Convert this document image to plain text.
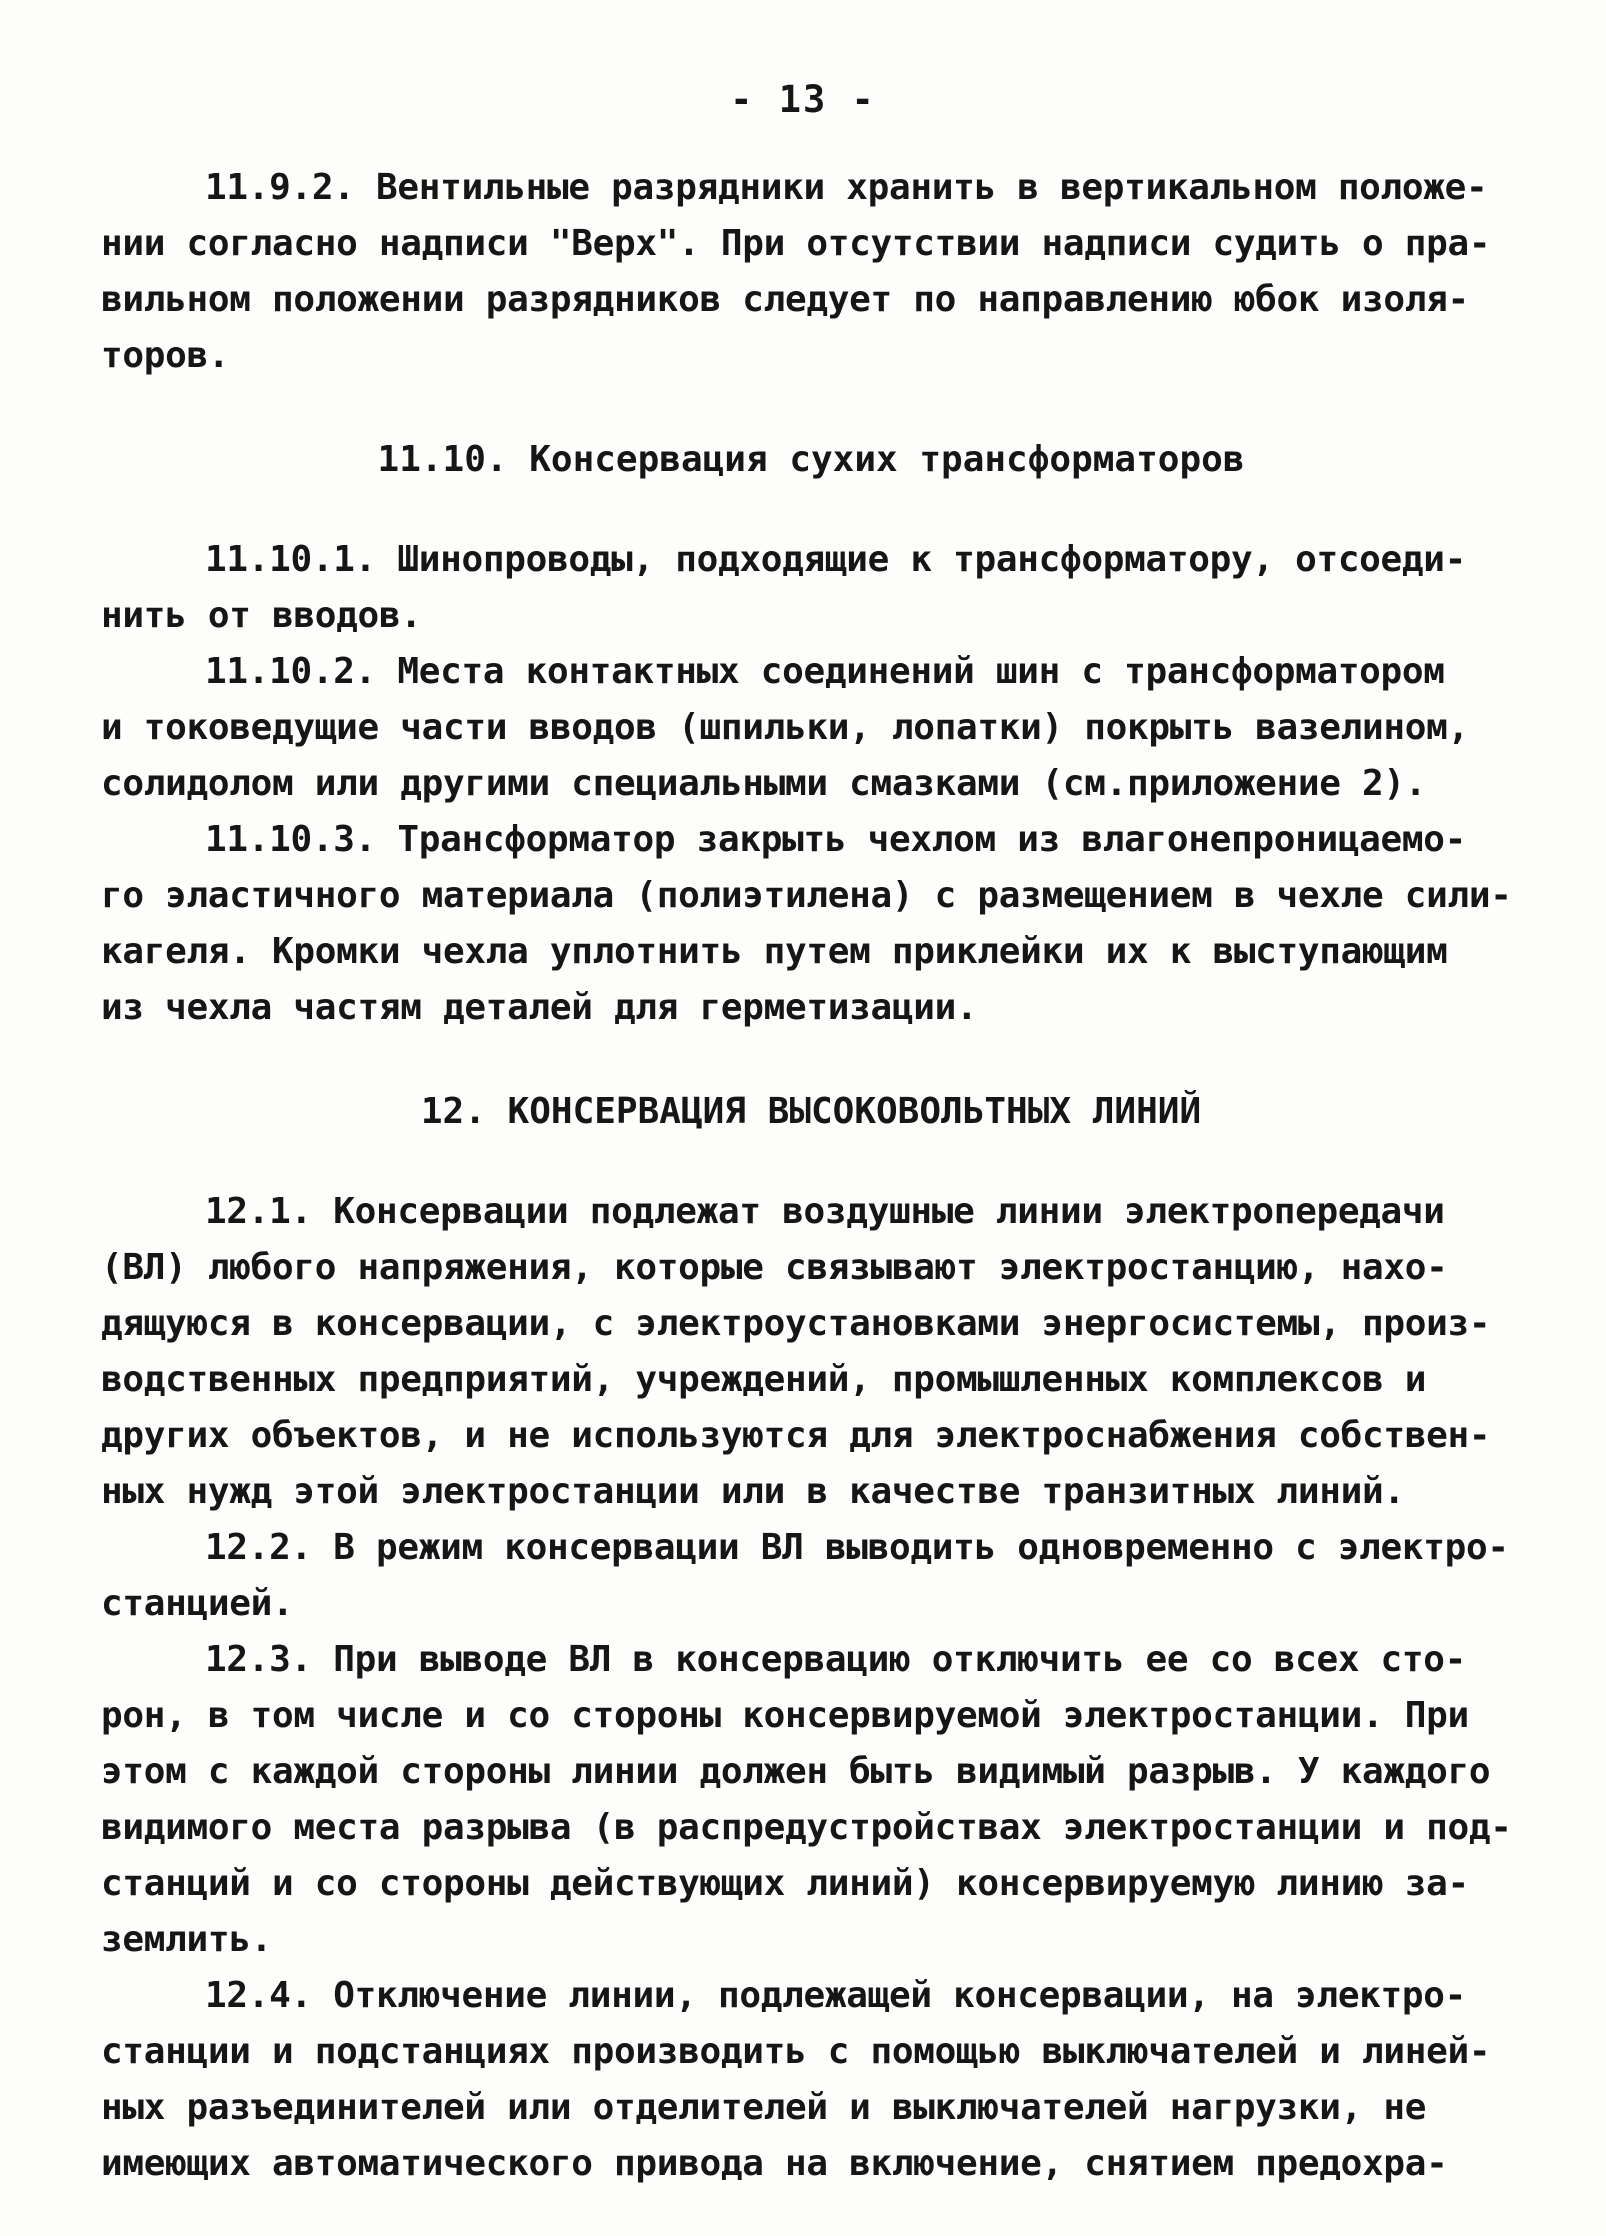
- 13 -
11.9.2. Вентильные разрядники хранить в вертикальном положе-
нии согласно надписи "Верх". При отсутствии надписи судить о пра-
вильном положении разрядников следует по направлению юбок изоля-
торов.
11.10. Консервация сухих трансформаторов
11.10.1. Шинопроводы, подходящие к трансформатору, отсоеди-
нить от вводов.
11.10.2. Места контактных соединений шин с трансформатором
и токоведущие части вводов (шпильки, лопатки) покрыть вазелином,
солидолом или другими специальными смазками (см.приложение 2).
11.10.3. Трансформатор закрыть чехлом из влагонепроницаемо-
го эластичного материала (полиэтилена) с размещением в чехле сили-
кагеля. Кромки чехла уплотнить путем приклейки их к выступающим
из чехла частям деталей для герметизации.
12. КОНСЕРВАЦИЯ ВЫСОКОВОЛЬТНЫХ ЛИНИЙ
12.1. Консервации подлежат воздушные линии электропередачи
(ВЛ) любого напряжения, которые связывают электростанцию, нахо-
дящуюся в консервации, с электроустановками энергосистемы, произ-
водственных предприятий, учреждений, промышленных комплексов и
других объектов, и не используются для электроснабжения собствен-
ных нужд этой электростанции или в качестве транзитных линий.
12.2. В режим консервации ВЛ выводить одновременно с электро-
станцией.
12.3. При выводе ВЛ в консервацию отключить ее со всех сто-
рон, в том числе и со стороны консервируемой электростанции. При
этом с каждой стороны линии должен быть видимый разрыв. У каждого
видимого места разрыва (в распредустройствах электростанции и под-
станций и со стороны действующих линий) консервируемую линию за-
землить.
12.4. Отключение линии, подлежащей консервации, на электро-
станции и подстанциях производить с помощью выключателей и линей-
ных разъединителей или отделителей и выключателей нагрузки, не
имеющих автоматического привода на включение, снятием предохра-
